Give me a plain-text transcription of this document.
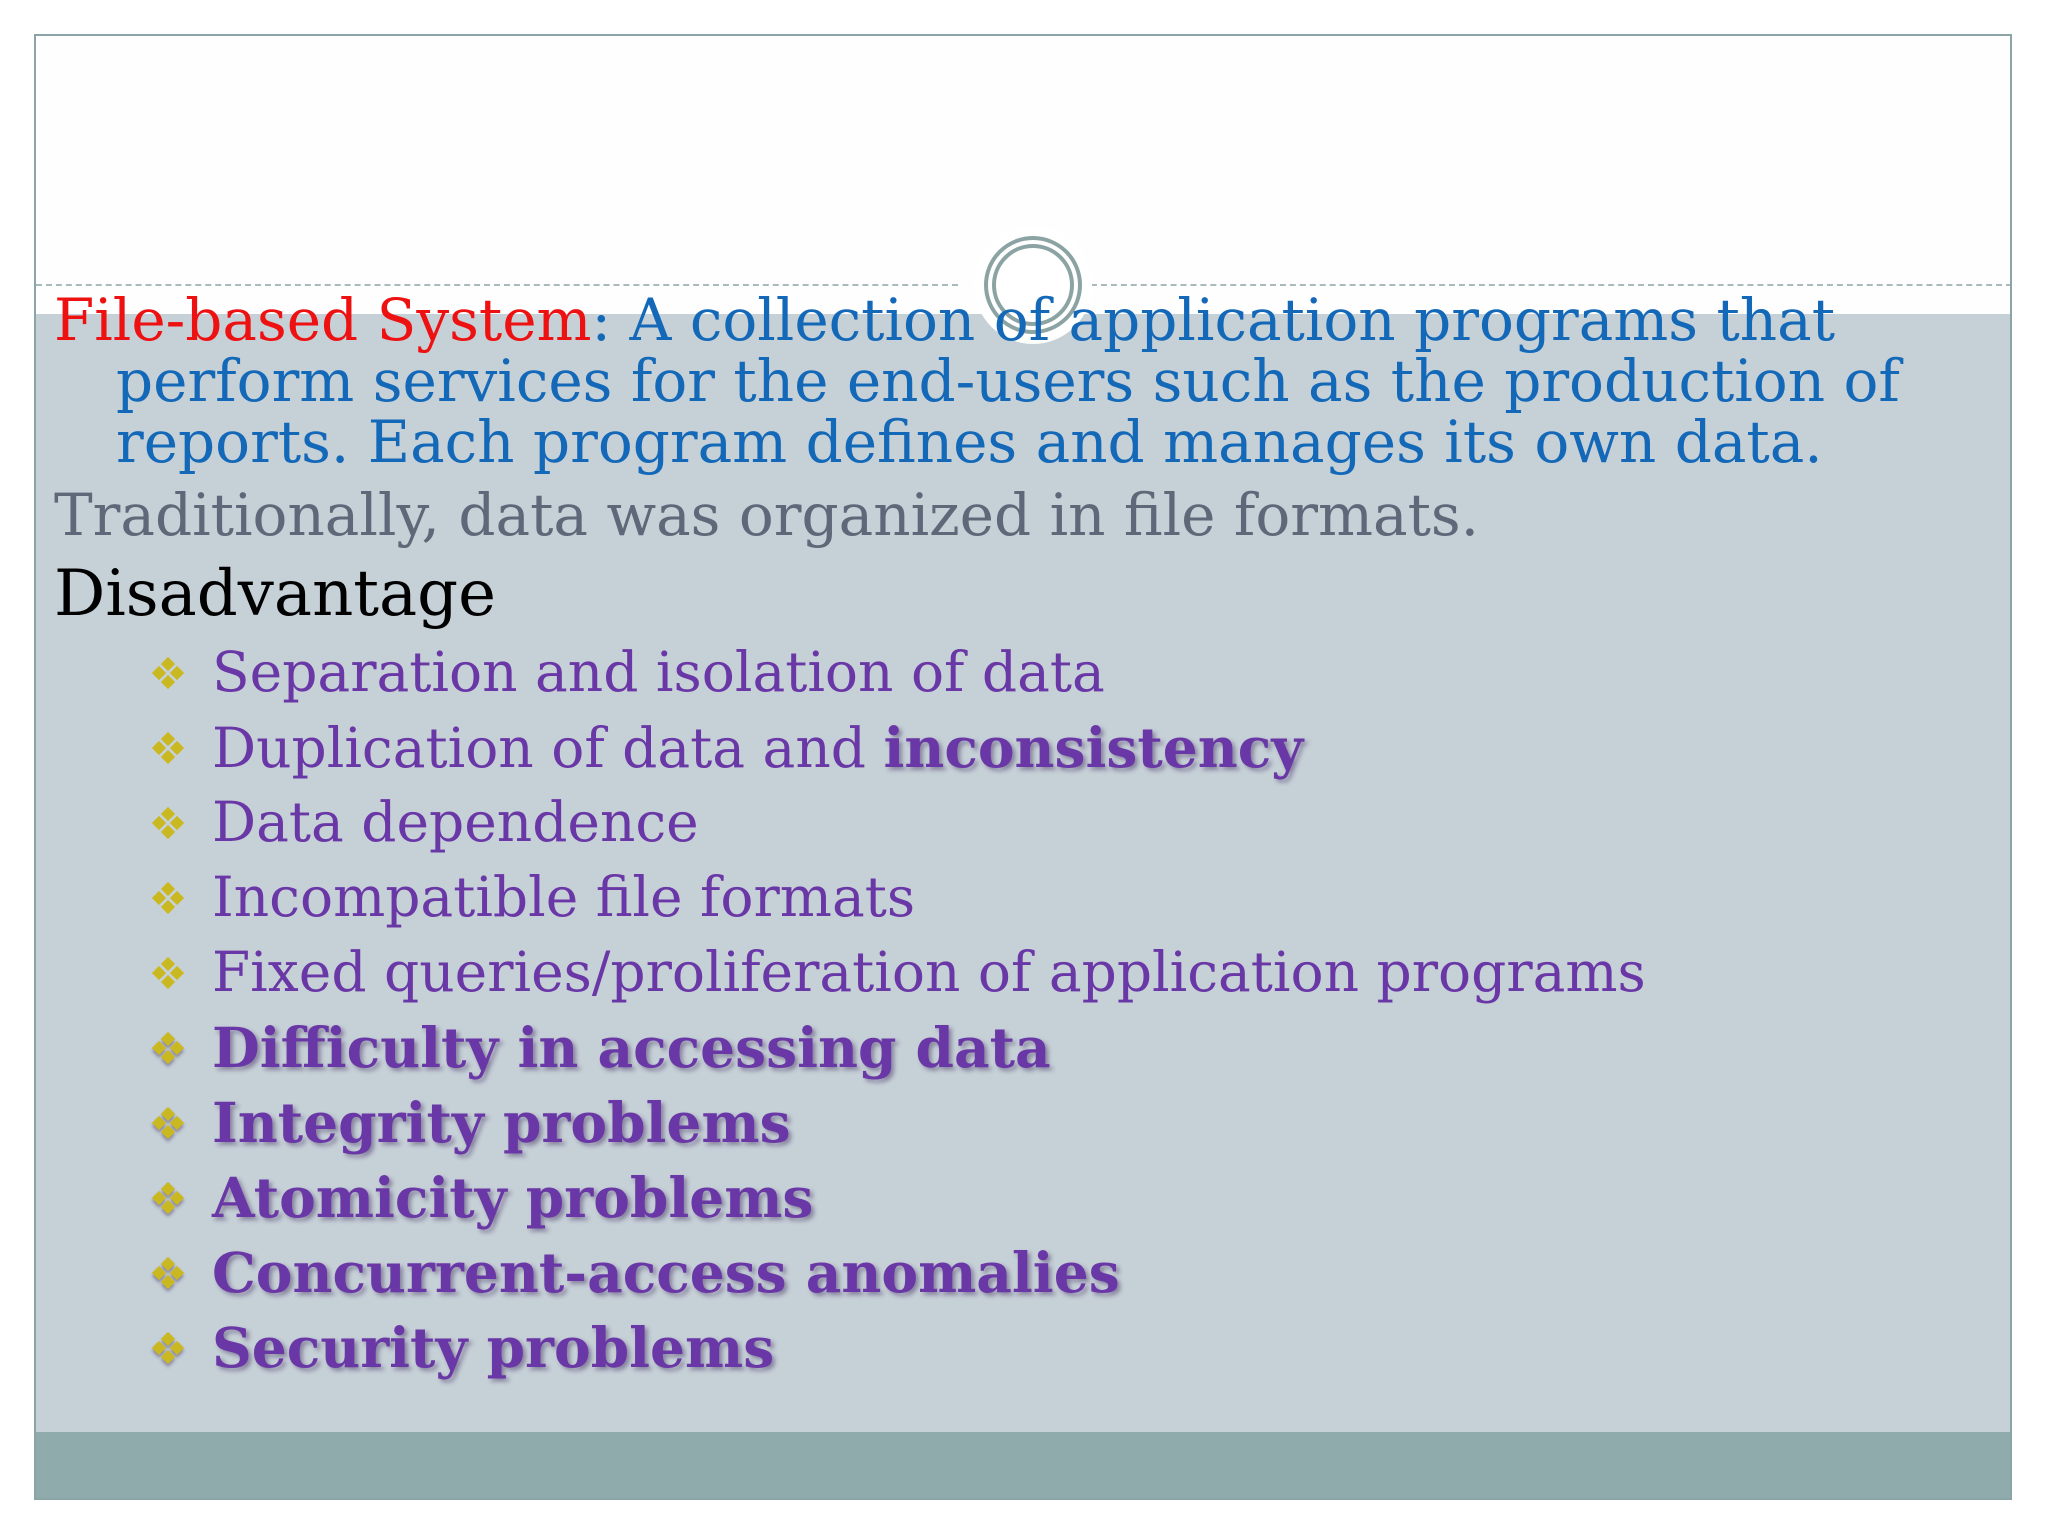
File-based System: A collection of application programs that perform services for the end-users such as the production of reports. Each program defines and manages its own data.

Traditionally, data was organized in file formats.

Disadvantage

Separation and isolation of data
Duplication of data and inconsistency
Data dependence
Incompatible file formats
Fixed queries/proliferation of application programs
Difficulty in accessing data
Integrity problems
Atomicity problems
Concurrent-access anomalies
Security problems
